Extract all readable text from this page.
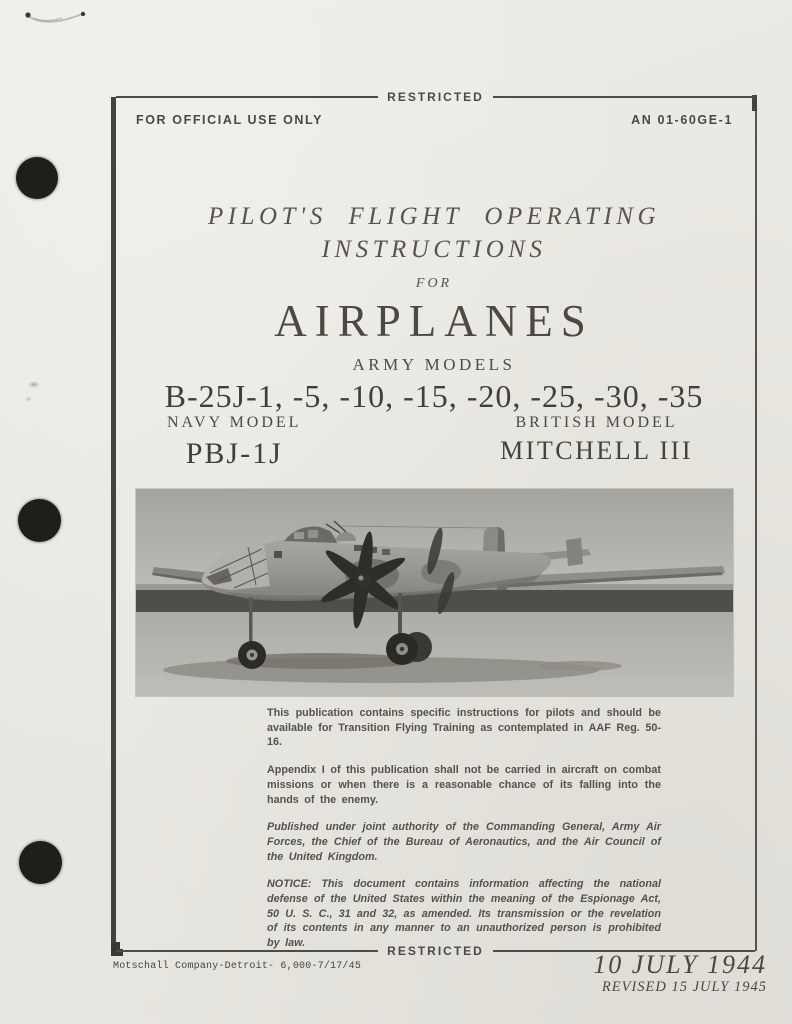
RESTRICTED
RESTRICTED
FOR OFFICIAL USE ONLY	AN 01-60GE-1
PILOT'S FLIGHT OPERATING
INSTRUCTIONS
FOR
AIRPLANES
ARMY MODELS
B-25J-1, -5, -10, -15, -20, -25, -30, -35
NAVY MODEL
PBJ-1J
BRITISH MODEL
MITCHELL III

This publication contains specific instructions for pilots and should be available for Transition Flying Training as contemplated in AAF Reg. 50-16.

Appendix I of this publication shall not be carried in aircraft on combat missions or when there is a reasonable chance of its falling into the hands of the enemy.

Published under joint authority of the Commanding General, Army Air Forces, the Chief of the Bureau of Aeronautics, and the Air Council of the United Kingdom.

NOTICE: This document contains information affecting the national defense of the United States within the meaning of the Espionage Act, 50 U. S. C., 31 and 32, as amended. Its transmission or the revelation of its contents in any manner to an unauthorized person is prohibited by law.

Motschall Company-Detroit- 6,000-7/17/45	10 JULY 1944
REVISED 15 JULY 1945
